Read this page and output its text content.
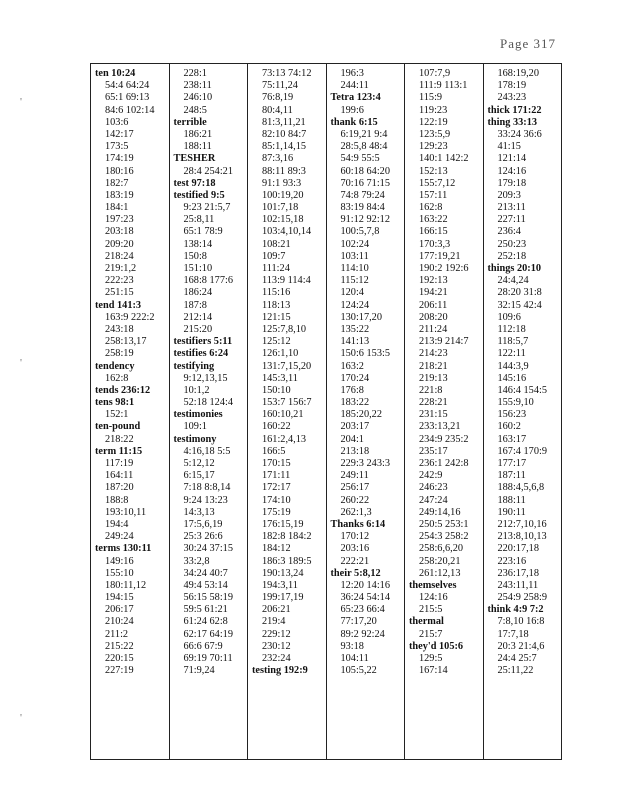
Page 317
'
'
'
ten 10:24
54:4 64:24
65:1 69:13
84:6 102:14
103:6
142:17
173:5
174:19
180:16
182:7
183:19
184:1
197:23
203:18
209:20
218:24
219:1,2
222:23
251:15
tend 141:3
163:9 222:2
243:18
258:13,17
258:19
tendency
162:8
tends 236:12
tens 98:1
152:1
ten-pound
218:22
term 11:15
117:19
164:11
187:20
188:8
193:10,11
194:4
249:24
terms 130:11
149:16
155:10
180:11,12
194:15
206:17
210:24
211:2
215:22
220:15
227:19
228:1
238:11
246:10
248:5
terrible
186:21
188:11
TESHER
28:4 254:21
test 97:18
testified 9:5
9:23 21:5,7
25:8,11
65:1 78:9
138:14
150:8
151:10
168:8 177:6
186:24
187:8
212:14
215:20
testifiers 5:11
testifies 6:24
testifying
9:12,13,15
10:1,2
52:18 124:4
testimonies
109:1
testimony
4:16,18 5:5
5:12,12
6:15,17
7:18 8:8,14
9:24 13:23
14:3,13
17:5,6,19
25:3 26:6
30:24 37:15
33:2,8
34:24 40:7
49:4 53:14
56:15 58:19
59:5 61:21
61:24 62:8
62:17 64:19
66:6 67:9
69:19 70:11
71:9,24
73:13 74:12
75:11,24
76:8,19
80:4,11
81:3,11,21
82:10 84:7
85:1,14,15
87:3,16
88:11 89:3
91:1 93:3
100:19,20
101:7,18
102:15,18
103:4,10,14
108:21
109:7
111:24
113:9 114:4
115:16
118:13
121:15
125:7,8,10
125:12
126:1,10
131:7,15,20
145:3,11
150:10
153:7 156:7
160:10,21
160:22
161:2,4,13
166:5
170:15
171:11
172:17
174:10
175:19
176:15,19
182:8 184:2
184:12
186:3 189:5
190:13,24
194:3,11
199:17,19
206:21
219:4
229:12
230:12
232:24
testing 192:9
196:3
244:11
Tetra 123:4
199:6
thank 6:15
6:19,21 9:4
28:5,8 48:4
54:9 55:5
60:18 64:20
70:16 71:15
74:8 79:24
83:19 84:4
91:12 92:12
100:5,7,8
102:24
103:11
114:10
115:12
120:4
124:24
130:17,20
135:22
141:13
150:6 153:5
163:2
170:24
176:8
183:22
185:20,22
203:17
204:1
213:18
229:3 243:3
249:11
256:17
260:22
262:1,3
Thanks 6:14
170:12
203:16
222:21
their 5:8,12
12:20 14:16
36:24 54:14
65:23 66:4
77:17,20
89:2 92:24
93:18
104:11
105:5,22
107:7,9
111:9 113:1
115:9
119:23
122:19
123:5,9
129:23
140:1 142:2
152:13
155:7,12
157:11
162:8
163:22
166:15
170:3,3
177:19,21
190:2 192:6
192:13
194:21
206:11
208:20
211:24
213:9 214:7
214:23
218:21
219:13
221:8
228:21
231:15
233:13,21
234:9 235:2
235:17
236:1 242:8
242:9
246:23
247:24
249:14,16
250:5 253:1
254:3 258:2
258:6,6,20
258:20,21
261:12,13
themselves
124:16
215:5
thermal
215:7
they'd 105:6
129:5
167:14
168:19,20
178:19
243:23
thick 171:22
thing 33:13
33:24 36:6
41:15
121:14
124:16
179:18
209:3
213:11
227:11
236:4
250:23
252:18
things 20:10
24:4,24
28:20 31:8
32:15 42:4
109:6
112:18
118:5,7
122:11
144:3,9
145:16
146:4 154:5
155:9,10
156:23
160:2
163:17
167:4 170:9
177:17
187:11
188:4,5,6,8
188:11
190:11
212:7,10,16
213:8,10,13
220:17,18
223:16
236:17,18
243:11,11
254:9 258:9
think 4:9 7:2
7:8,10 16:8
17:7,18
20:3 21:4,6
24:4 25:7
25:11,22
